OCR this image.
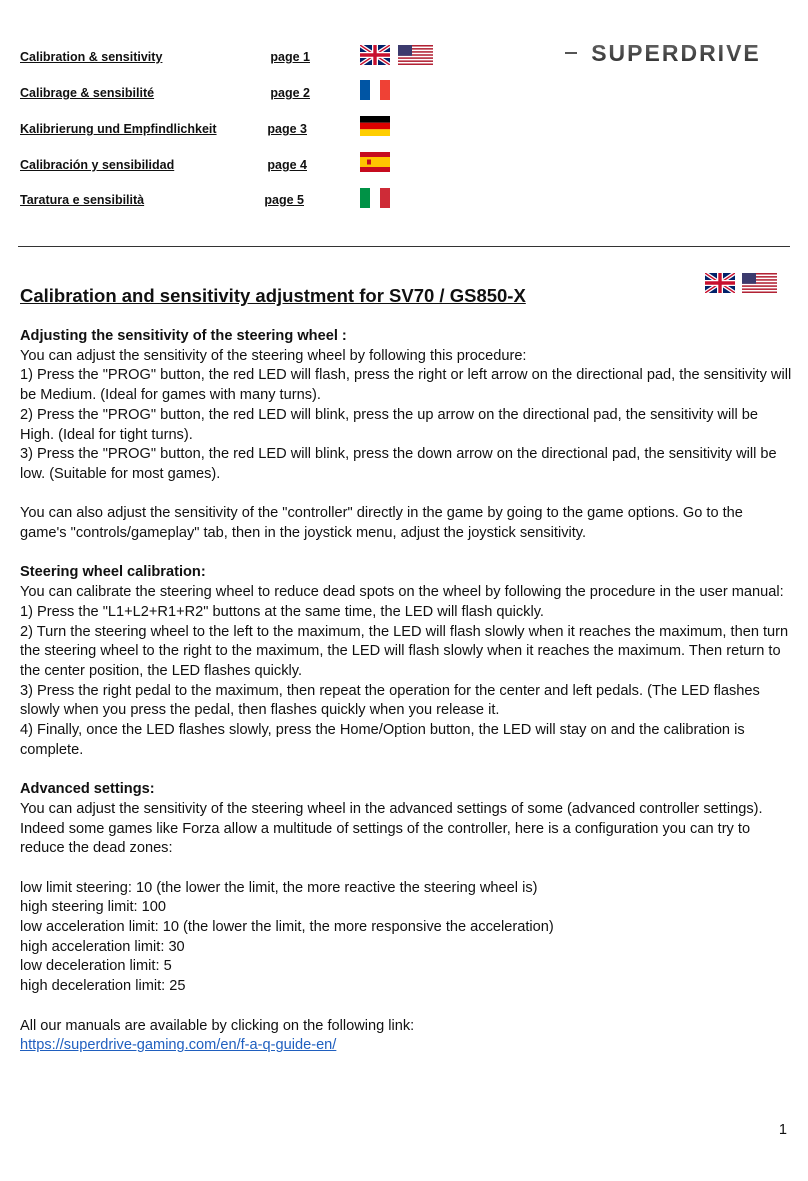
Calibration & sensitivity	page 1
Calibrage & sensibilité	page 2
Kalibrierung und Empfindlichkeit	page 3
Calibración y sensibilidad	page 4
Taratura e sensibilità	page 5
SUPERDRIVE
Calibration and sensitivity adjustment for SV70 / GS850-X
Adjusting the sensitivity of the steering wheel :
You can adjust the sensitivity of the steering wheel by following this procedure:
1) Press the "PROG" button, the red LED will flash, press the right or left arrow on the directional pad, the sensitivity will be Medium. (Ideal for games with many turns).
2) Press the "PROG" button, the red LED will blink, press the up arrow on the directional pad, the sensitivity will be High. (Ideal for tight turns).
3) Press the "PROG" button, the red LED will blink, press the down arrow on the directional pad, the sensitivity will be low. (Suitable for most games).
You can also adjust the sensitivity of the "controller" directly in the game by going to the game options. Go to the game's "controls/gameplay" tab, then in the joystick menu, adjust the joystick sensitivity.
Steering wheel calibration:
You can calibrate the steering wheel to reduce dead spots on the wheel by following the procedure in the user manual:
1) Press the "L1+L2+R1+R2" buttons at the same time, the LED will flash quickly.
2) Turn the steering wheel to the left to the maximum, the LED will flash slowly when it reaches the maximum, then turn the steering wheel to the right to the maximum, the LED will flash slowly when it reaches the maximum. Then return to the center position, the LED flashes quickly.
3) Press the right pedal to the maximum, then repeat the operation for the center and left pedals. (The LED flashes slowly when you press the pedal, then flashes quickly when you release it.
4) Finally, once the LED flashes slowly, press the Home/Option button, the LED will stay on and the calibration is complete.
Advanced settings:
You can adjust the sensitivity of the steering wheel in the advanced settings of some (advanced controller settings). Indeed some games like Forza allow a multitude of settings of the controller, here is a configuration you can try to reduce the dead zones:
low limit steering: 10 (the lower the limit, the more reactive the steering wheel is)
high steering limit: 100
low acceleration limit: 10 (the lower the limit, the more responsive the acceleration)
high acceleration limit: 30
low deceleration limit: 5
high deceleration limit: 25
All our manuals are available by clicking on the following link:
https://superdrive-gaming.com/en/f-a-q-guide-en/
1
